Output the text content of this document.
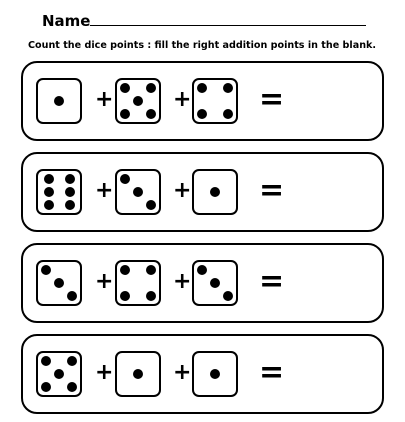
Name
Count the dice points : fill the right addition points in the blank.
+	+ =
+	+ =
+	+ =
+	+ =
